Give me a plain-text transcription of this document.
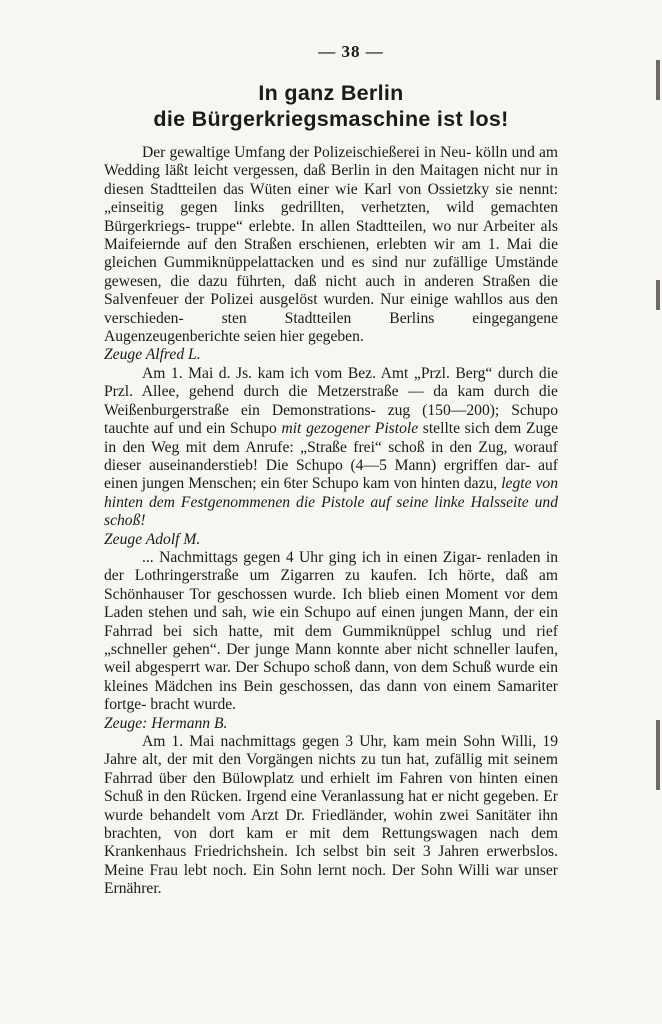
— 38 —
In ganz Berlin
die Bürgerkriegsmaschine ist los!

Der gewaltige Umfang der Polizeischießerei in Neu- kölln und am Wedding läßt leicht vergessen, daß Berlin in den Maitagen nicht nur in diesen Stadtteilen das Wüten einer wie Karl von Ossietzky sie nennt: „einseitig gegen links gedrillten, verhetzten, wild gemachten Bürgerkriegs- truppe“ erlebte. In allen Stadtteilen, wo nur Arbeiter als Maifeiernde auf den Straßen erschienen, erlebten wir am 1. Mai die gleichen Gummiknüppelattacken und es sind nur zufällige Umstände gewesen, die dazu führten, daß nicht auch in anderen Straßen die Salvenfeuer der Polizei ausgelöst wurden. Nur einige wahllos aus den verschieden- sten Stadtteilen Berlins eingegangene Augenzeugenberichte seien hier gegeben.

Zeuge Alfred L.

Am 1. Mai d. Js. kam ich vom Bez. Amt „Przl. Berg“ durch die Przl. Allee, gehend durch die Metzerstraße — da kam durch die Weißenburgerstraße ein Demonstrations- zug (150—200); Schupo tauchte auf und ein Schupo mit gezogener Pistole stellte sich dem Zuge in den Weg mit dem Anrufe: „Straße frei“ schoß in den Zug, worauf dieser auseinanderstieb! Die Schupo (4—5 Mann) ergriffen dar- auf einen jungen Menschen; ein 6ter Schupo kam von hinten dazu, legte von hinten dem Festgenommenen die Pistole auf seine linke Halsseite und schoß!

Zeuge Adolf M.

... Nachmittags gegen 4 Uhr ging ich in einen Zigar- renladen in der Lothringerstraße um Zigarren zu kaufen. Ich hörte, daß am Schönhauser Tor geschossen wurde. Ich blieb einen Moment vor dem Laden stehen und sah, wie ein Schupo auf einen jungen Mann, der ein Fahrrad bei sich hatte, mit dem Gummiknüppel schlug und rief „schneller gehen“. Der junge Mann konnte aber nicht schneller laufen, weil abgesperrt war. Der Schupo schoß dann, von dem Schuß wurde ein kleines Mädchen ins Bein geschossen, das dann von einem Samariter fortge- bracht wurde.

Zeuge: Hermann B.

Am 1. Mai nachmittags gegen 3 Uhr, kam mein Sohn Willi, 19 Jahre alt, der mit den Vorgängen nichts zu tun hat, zufällig mit seinem Fahrrad über den Bülowplatz und erhielt im Fahren von hinten einen Schuß in den Rücken. Irgend eine Veranlassung hat er nicht gegeben. Er wurde behandelt vom Arzt Dr. Friedländer, wohin zwei Sanitäter ihn brachten, von dort kam er mit dem Rettungswagen nach dem Krankenhaus Friedrichshein. Ich selbst bin seit 3 Jahren erwerbslos. Meine Frau lebt noch. Ein Sohn lernt noch. Der Sohn Willi war unser Ernährer.
